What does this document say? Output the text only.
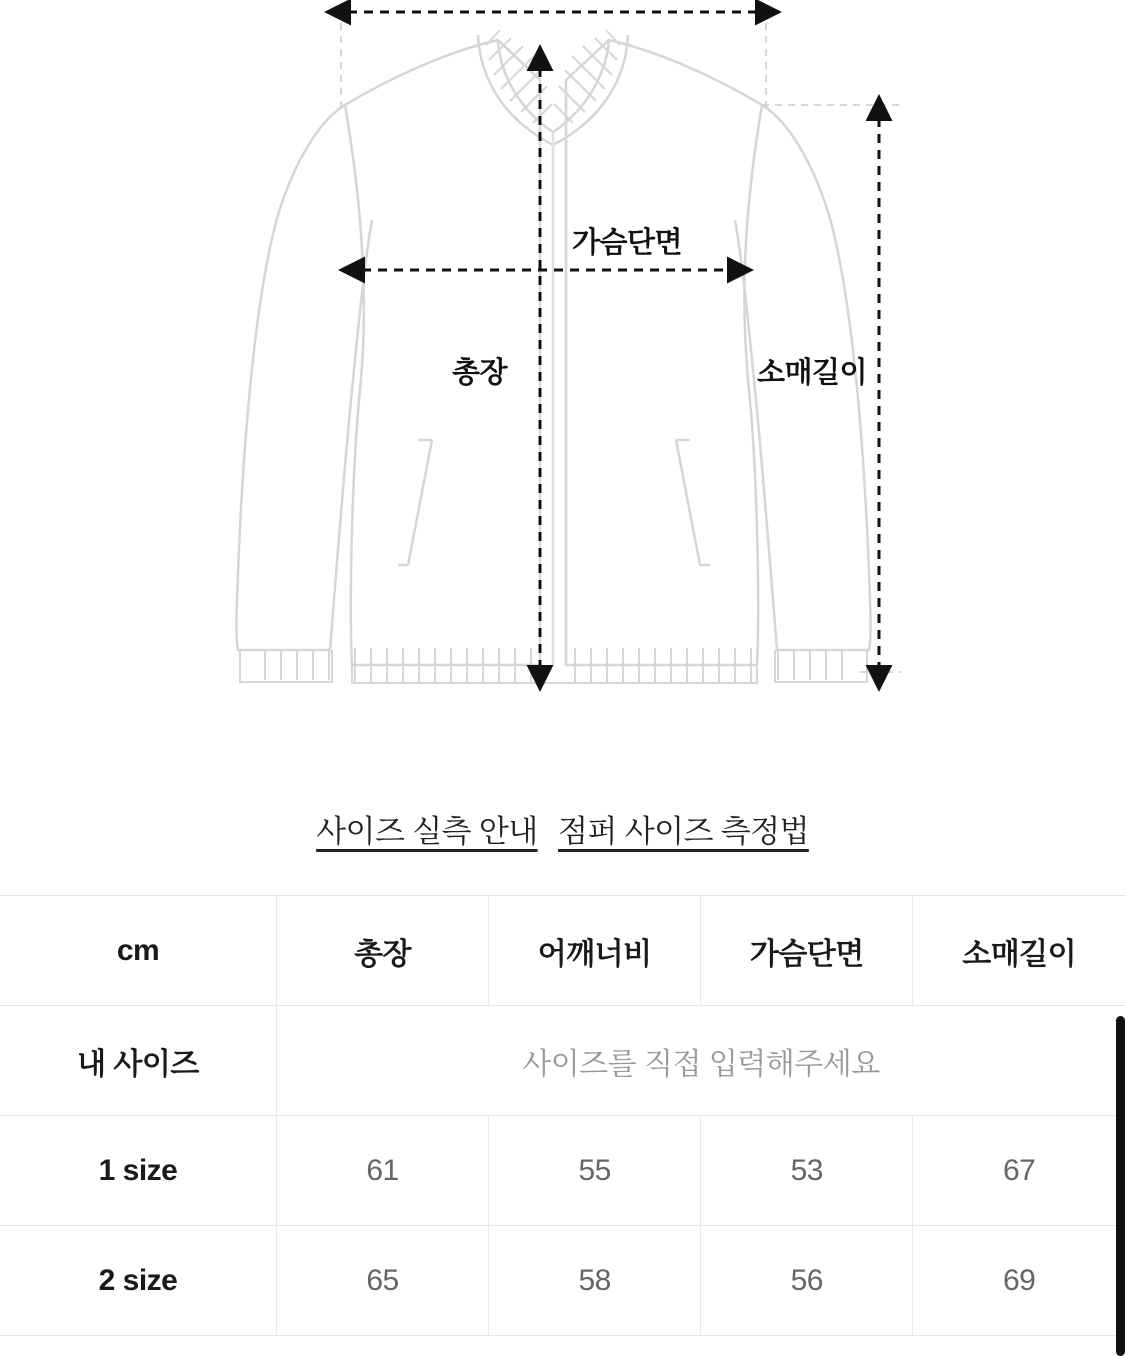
가슴단면
총장	소매길이
사이즈 실측 안내 점퍼 사이즈 측정법
cm	총장	어깨너비	가슴단면	소매길이
내 사이즈	사이즈를 직접 입력해주세요			
1 size	61	55	53	67
2 size	65	58	56	69
